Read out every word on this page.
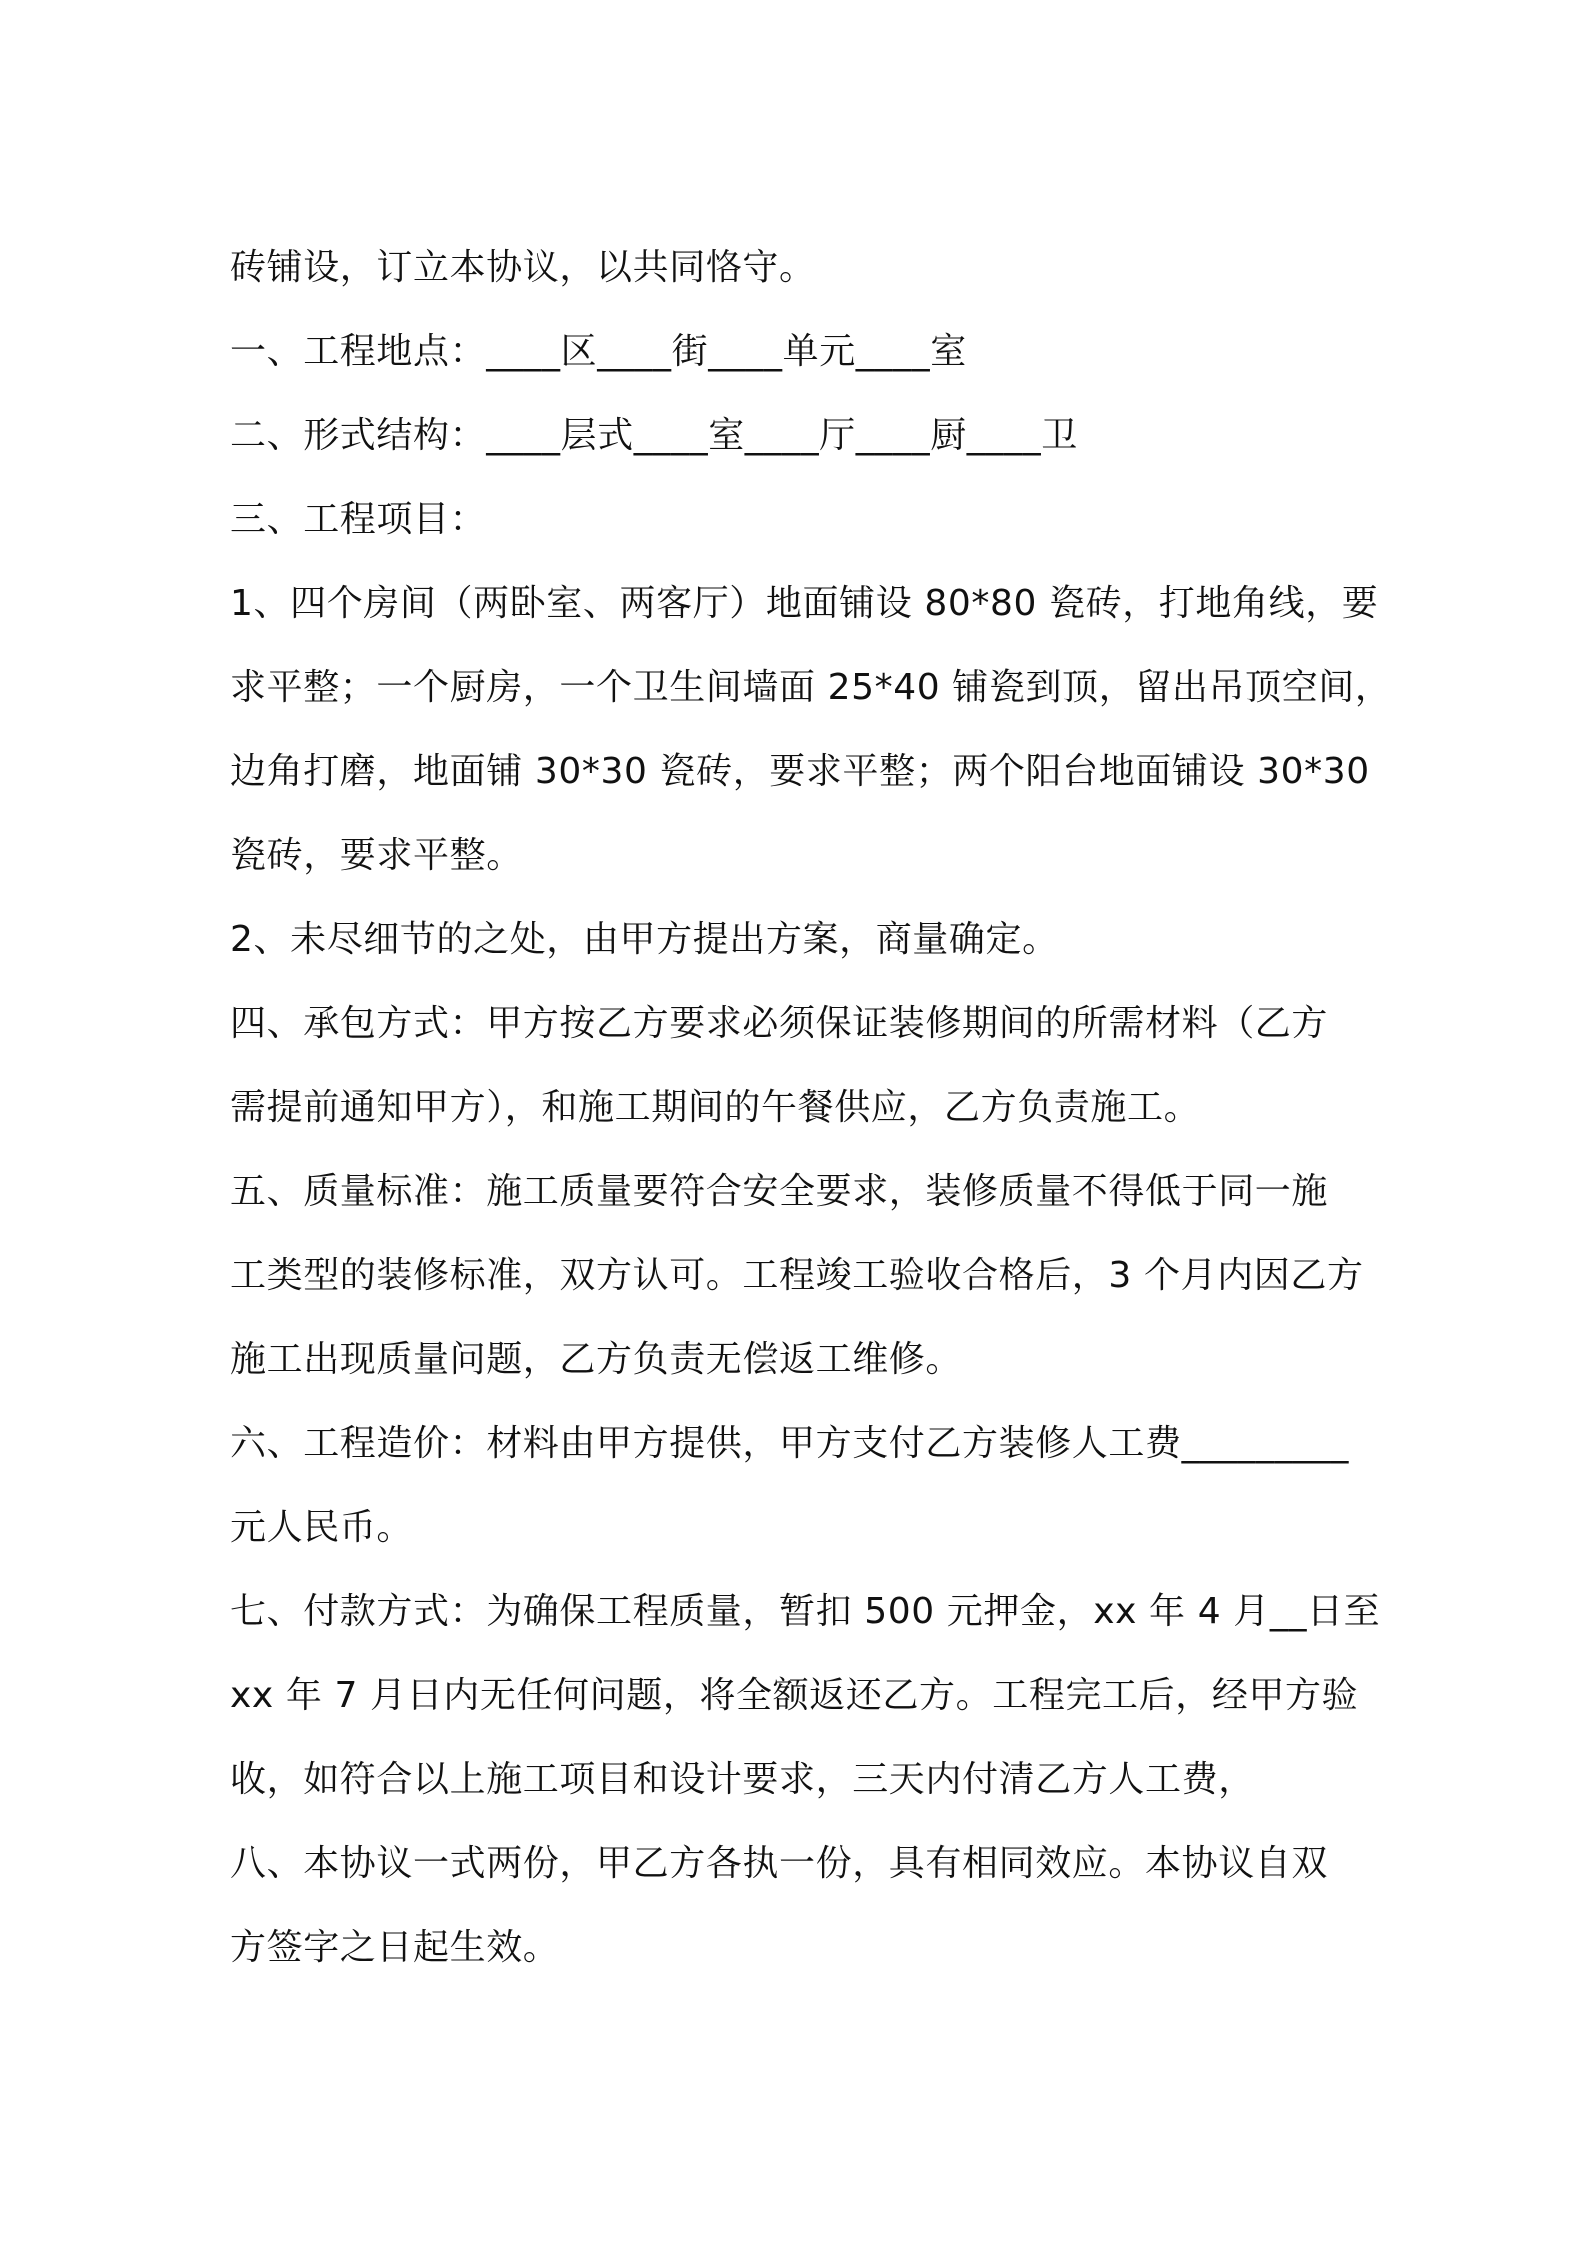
砖铺设，订立本协议，以共同恪守。
一、工程地点：____区____街____单元____室
二、形式结构：____层式____室____厅____厨____卫
三、工程项目：
1、四个房间（两卧室、两客厅）地面铺设 80*80 瓷砖，打地角线，要
求平整；一个厨房，一个卫生间墙面 25*40 铺瓷到顶，留出吊顶空间，
边角打磨，地面铺 30*30 瓷砖，要求平整；两个阳台地面铺设 30*30
瓷砖，要求平整。
2、未尽细节的之处，由甲方提出方案，商量确定。
四、承包方式：甲方按乙方要求必须保证装修期间的所需材料（乙方
需提前通知甲方），和施工期间的午餐供应，乙方负责施工。
五、质量标准：施工质量要符合安全要求，装修质量不得低于同一施
工类型的装修标准，双方认可。工程竣工验收合格后，3 个月内因乙方
施工出现质量问题，乙方负责无偿返工维修。
六、工程造价：材料由甲方提供，甲方支付乙方装修人工费_________
元人民币。
七、付款方式：为确保工程质量，暂扣 500 元押金，xx 年 4 月__日至
xx 年 7 月日内无任何问题，将全额返还乙方。工程完工后，经甲方验
收，如符合以上施工项目和设计要求，三天内付清乙方人工费，
八、本协议一式两份，甲乙方各执一份，具有相同效应。本协议自双
方签字之日起生效。
